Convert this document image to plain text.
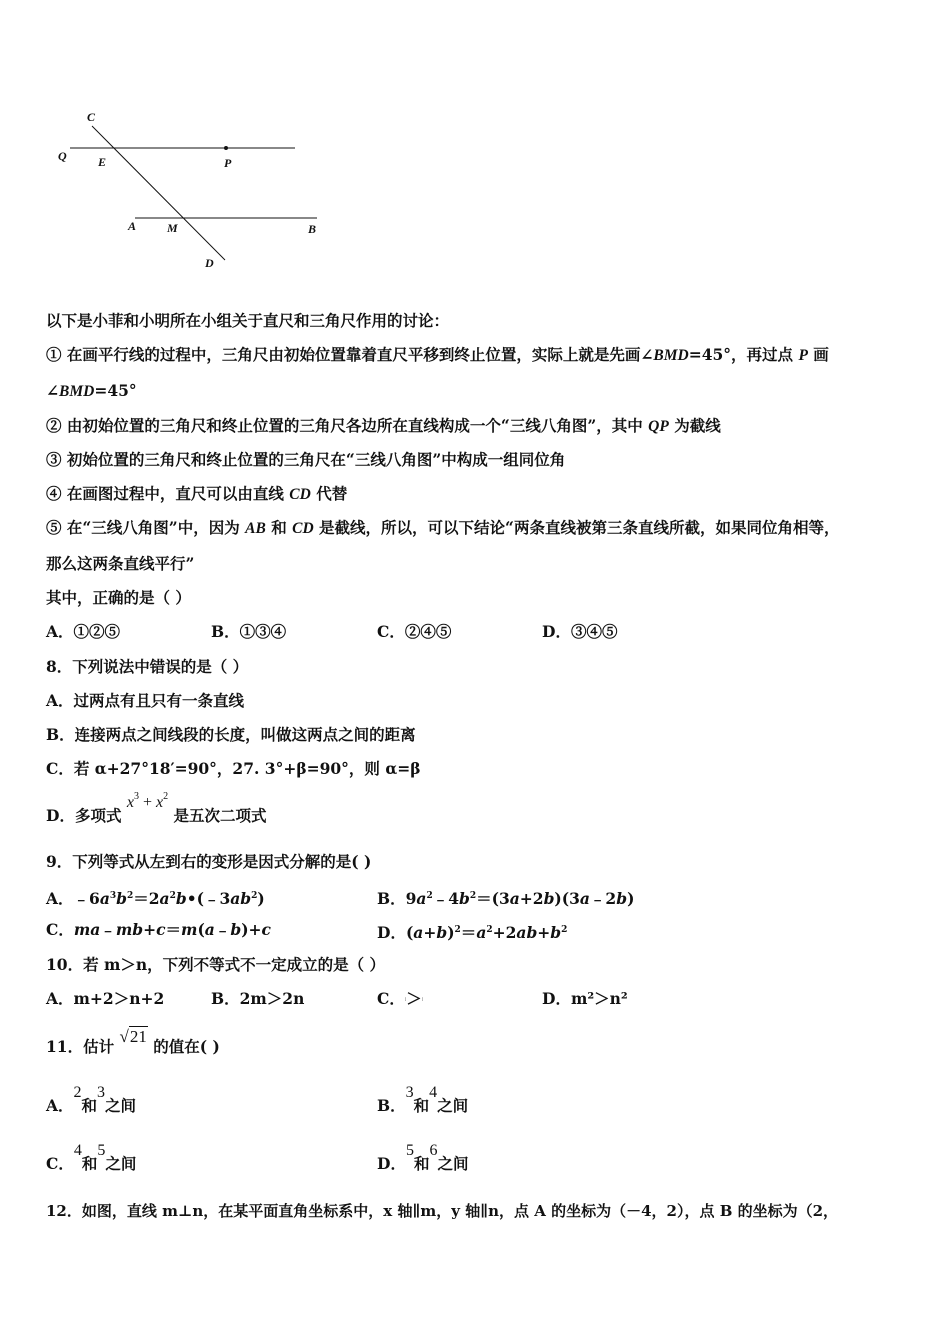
C
Q	E	P
A	M	B
D
以下是小菲和小明所在小组关于直尺和三角尺作用的讨论：
① 在画平行线的过程中，三角尺由初始位置靠着直尺平移到终止位置，实际上就是先画∠BMD=45°，再过点 P 画
∠BMD=45°
② 由初始位置的三角尺和终止位置的三角尺各边所在直线构成一个“三线八角图”，其中 QP 为截线
③ 初始位置的三角尺和终止位置的三角尺在“三线八角图”中构成一组同位角
④ 在画图过程中，直尺可以由直线 CD 代替
⑤ 在“三线八角图”中，因为 AB 和 CD 是截线，所以，可以下结论“两条直线被第三条直线所截，如果同位角相等，
那么这两条直线平行”
其中，正确的是（ ）
A．①②⑤	B．①③④	C．②④⑤	D．③④⑤
8．下列说法中错误的是（ ）
A．过两点有且只有一条直线
B．连接两点之间线段的长度，叫做这两点之间的距离
C．若 α+27°18′=90°，27. 3°+β=90°，则 α=β
D．多项式 $x^3 + x^2$ 是五次二项式
9．下列等式从左到右的变形是因式分解的是( )
A．$﹣6a^3b^2=2a^2b•(﹣3ab^2)$	B．$9a^2﹣4b^2=(3a+2b)(3a﹣2b)$
C．ma﹣mb+c＝m(a﹣b)+c	D．$(a+b)^2=a^2+2ab+b^2$
10．若 m＞n，下列不等式不一定成立的是（ ）
A．m+2＞n+2	B．2m＞2n	C．⁞＞⁞	D．m²＞n²
11．估计 √21 的值在( )
A．2和3之间	B．3和4之间
C．4和5之间	D．5和6之间
12．如图，直线 m⊥n，在某平面直角坐标系中，x 轴∥m，y 轴∥n，点 A 的坐标为（－4，2），点 B 的坐标为（2，
